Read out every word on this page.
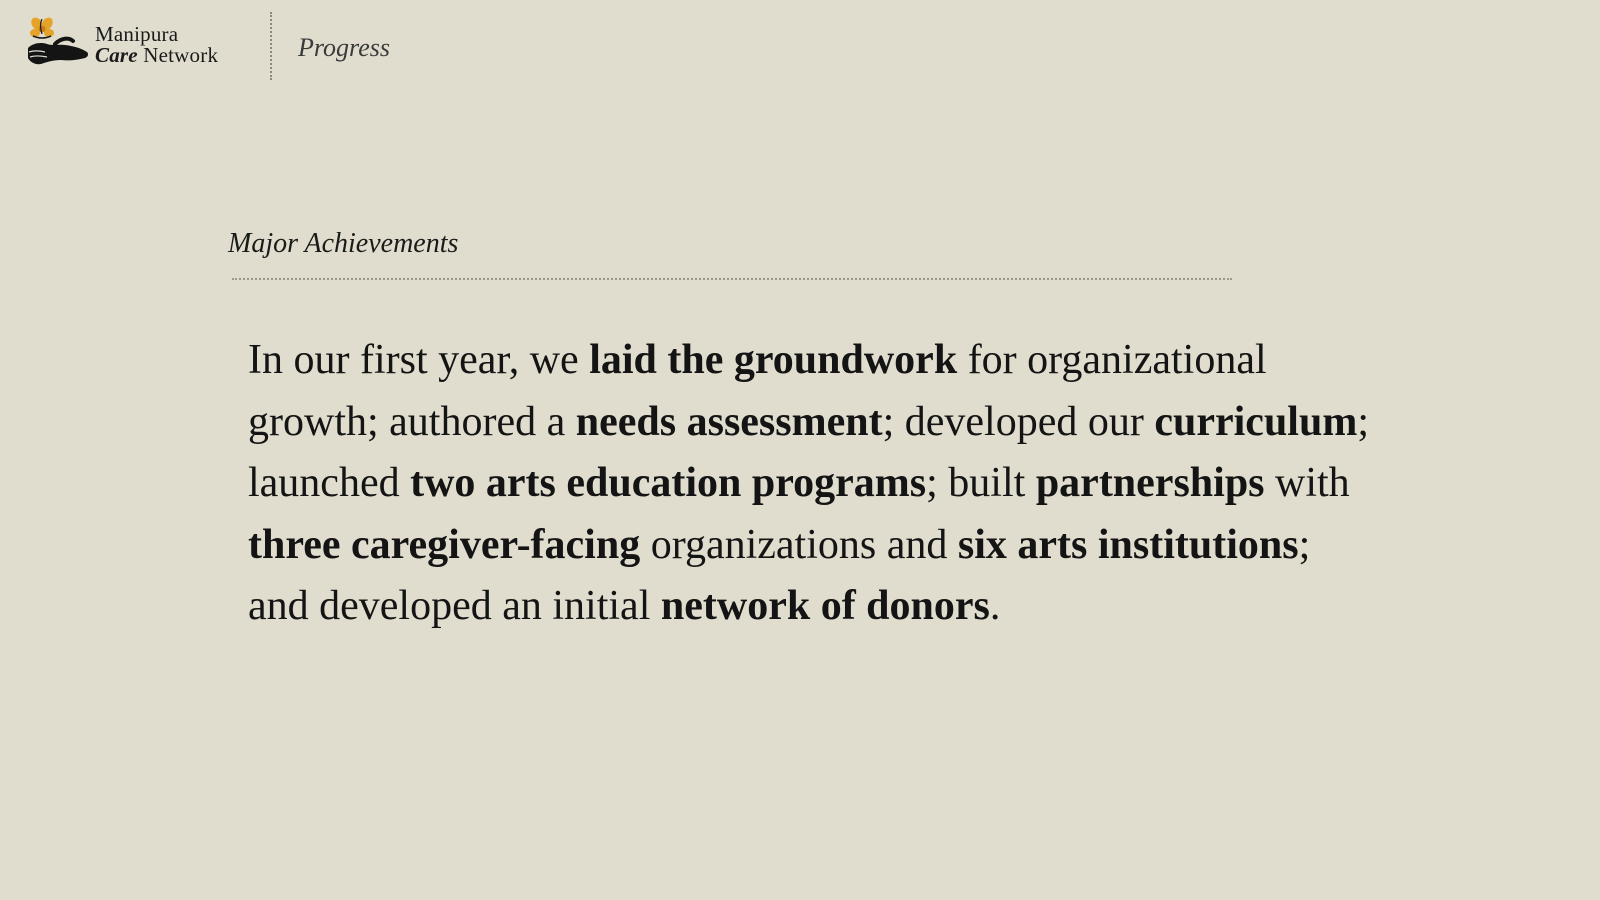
Manipura
Care Network	Progress
Major Achievements

In our first year, we laid the groundwork for organizational growth; authored a needs assessment; developed our curriculum; launched two arts education programs; built partnerships with three caregiver-facing organizations and six arts institutions; and developed an initial network of donors.
